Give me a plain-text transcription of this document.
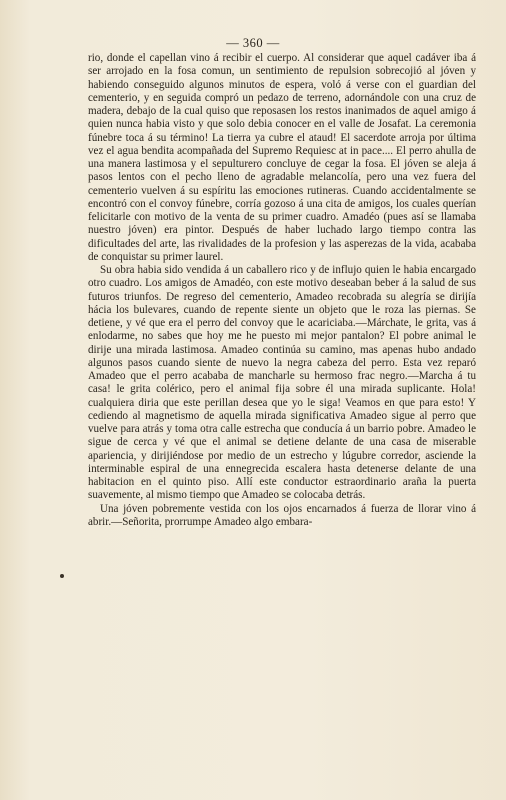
— 360 —

rio, donde el capellan vino á recibir el cuerpo. Al considerar que aquel cadáver iba á ser arrojado en la fosa comun, un sentimiento de repulsion sobrecojió al jóven y habiendo conseguido algunos minutos de espera, voló á verse con el guardian del cementerio, y en seguida compró un pedazo de terreno, adornándole con una cruz de madera, debajo de la cual quiso que reposasen los restos inanimados de aquel amigo á quien nunca habia visto y que solo debia conocer en el valle de Josafat. La ceremonia fúnebre toca á su término! La tierra ya cubre el ataud! El sacerdote arroja por última vez el agua bendita acompañada del Supremo Requiesc at in pace.... El perro ahulla de una manera lastimosa y el sepulturero concluye de cegar la fosa. El jóven se aleja á pasos lentos con el pecho lleno de agradable melancolía, pero una vez fuera del cementerio vuelven á su espíritu las emociones rutineras. Cuando accidentalmente se encontró con el convoy fúnebre, corría gozoso á una cita de amigos, los cuales querían felicitarle con motivo de la venta de su primer cuadro. Amadéo (pues así se llamaba nuestro jóven) era pintor. Después de haber luchado largo tiempo contra las dificultades del arte, las rivalidades de la profesion y las asperezas de la vida, acababa de conquistar su primer laurel.

Su obra habia sido vendida á un caballero rico y de influjo quien le habia encargado otro cuadro. Los amigos de Amadéo, con este motivo deseaban beber á la salud de sus futuros triunfos. De regreso del cementerio, Amadeo recobrada su alegría se dirijía hácia los bulevares, cuando de repente siente un objeto que le roza las piernas. Se detiene, y vé que era el perro del convoy que le acariciaba.—Márchate, le grita, vas á enlodarme, no sabes que hoy me he puesto mi mejor pantalon? El pobre animal le dirije una mirada lastimosa. Amadeo continúa su camino, mas apenas hubo andado algunos pasos cuando siente de nuevo la negra cabeza del perro. Esta vez reparó Amadeo que el perro acababa de mancharle su hermoso frac negro.—Marcha á tu casa! le grita colérico, pero el animal fija sobre él una mirada suplicante. Hola! cualquiera diria que este perillan desea que yo le siga! Veamos en que para esto! Y cediendo al magnetismo de aquella mirada significativa Amadeo sigue al perro que vuelve para atrás y toma otra calle estrecha que conducía á un barrio pobre. Amadeo le sigue de cerca y vé que el animal se detiene delante de una casa de miserable apariencia, y dirijiéndose por medio de un estrecho y lúgubre corredor, asciende la interminable espiral de una ennegrecida escalera hasta detenerse delante de una habitacion en el quinto piso. Allí este conductor estraordinario araña la puerta suavemente, al mismo tiempo que Amadeo se colocaba detrás.

Una jóven pobremente vestida con los ojos encarnados á fuerza de llorar vino á abrir.—Señorita, prorrumpe Amadeo algo embara-
